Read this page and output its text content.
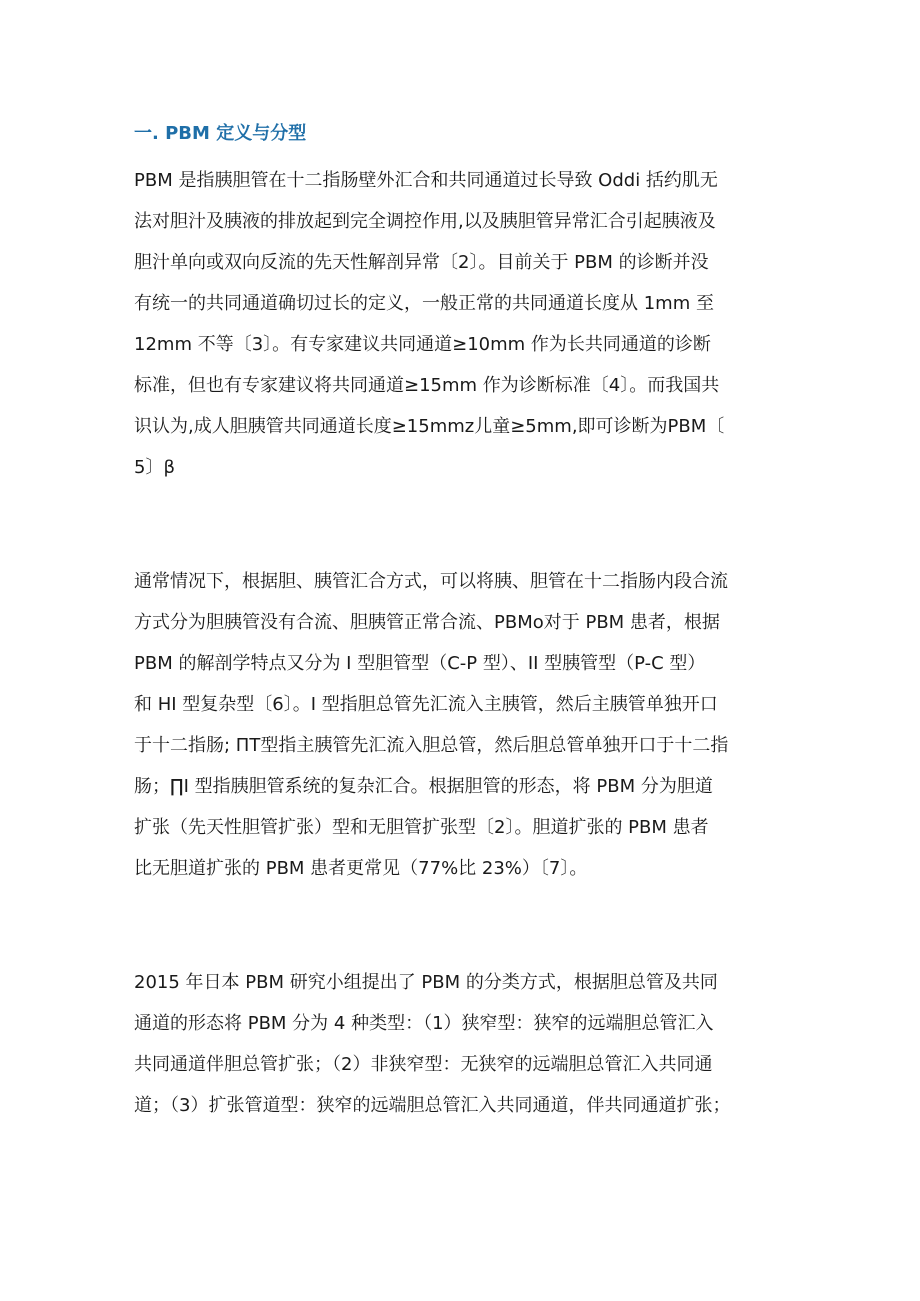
一. PBM 定义与分型
PBM 是指胰胆管在十二指肠壁外汇合和共同通道过长导致 Oddi 括约肌无
法对胆汁及胰液的排放起到完全调控作用,以及胰胆管异常汇合引起胰液及
胆汁单向或双向反流的先天性解剖异常〔2〕。目前关于 PBM 的诊断并没
有统一的共同通道确切过长的定义，一般正常的共同通道长度从 1mm 至
12mm 不等〔3〕。有专家建议共同通道≥10mm 作为长共同通道的诊断
标准，但也有专家建议将共同通道≥15mm 作为诊断标准〔4〕。而我国共
识认为,成人胆胰管共同通道长度≥15mmz儿童≥5mm,即可诊断为PBM〔
5〕β
通常情况下，根据胆、胰管汇合方式，可以将胰、胆管在十二指肠内段合流
方式分为胆胰管没有合流、胆胰管正常合流、PBMo对于 PBM 患者，根据
PBM 的解剖学特点又分为 I 型胆管型（C-P 型）、II 型胰管型（P-C 型）
和 HI 型复杂型〔6〕。I 型指胆总管先汇流入主胰管，然后主胰管单独开口
于十二指肠; ΠT型指主胰管先汇流入胆总管，然后胆总管单独开口于十二指
肠；∏I 型指胰胆管系统的复杂汇合。根据胆管的形态，将 PBM 分为胆道
扩张（先天性胆管扩张）型和无胆管扩张型〔2〕。胆道扩张的 PBM 患者
比无胆道扩张的 PBM 患者更常见（77%比 23%）〔7〕。
2015 年日本 PBM 研究小组提出了 PBM 的分类方式，根据胆总管及共同
通道的形态将 PBM 分为 4 种类型：（1）狭窄型：狭窄的远端胆总管汇入
共同通道伴胆总管扩张；（2）非狭窄型：无狭窄的远端胆总管汇入共同通
道；（3）扩张管道型：狭窄的远端胆总管汇入共同通道，伴共同通道扩张；
